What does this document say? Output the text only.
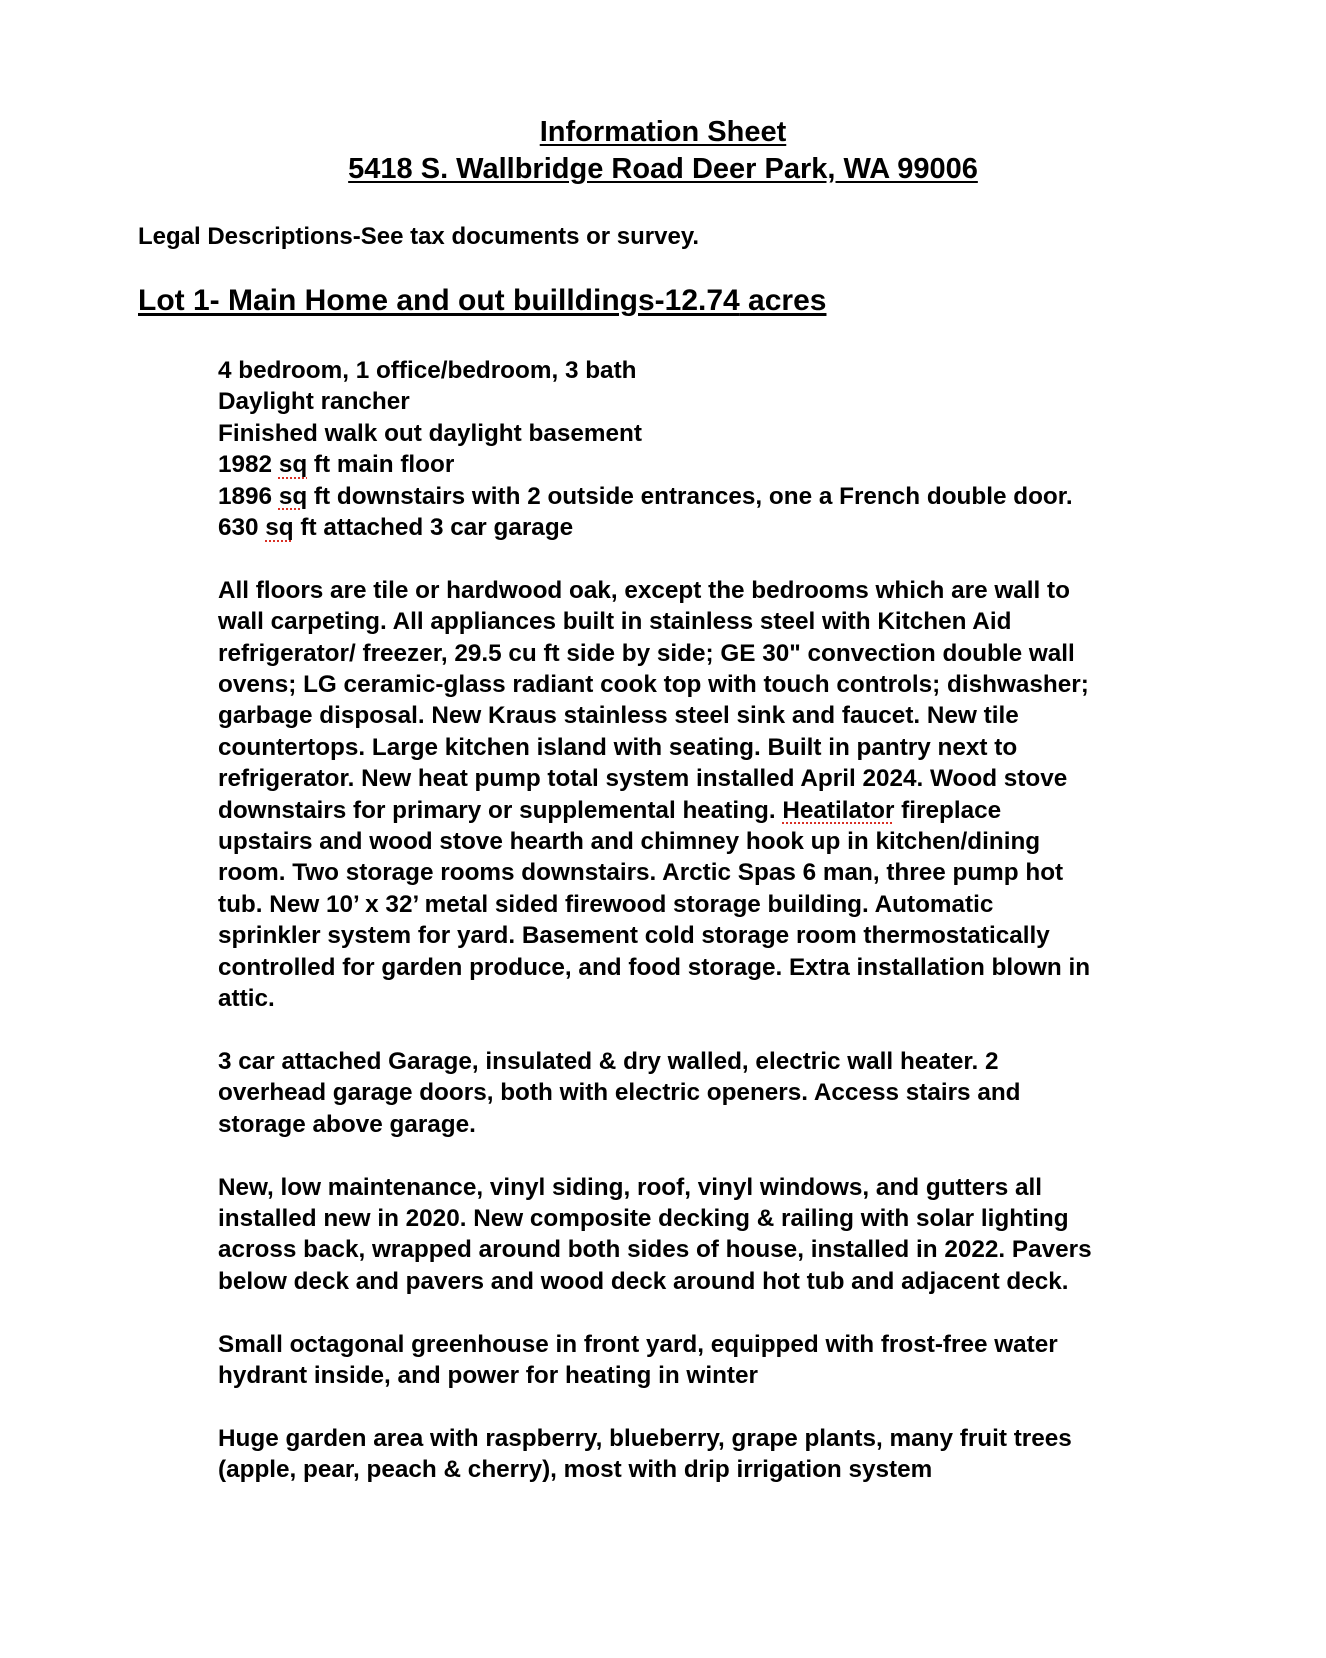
Information Sheet
5418 S. Wallbridge Road Deer Park, WA 99006
Legal Descriptions-See tax documents or survey.
Lot 1- Main Home and out builldings-12.74 acres
4 bedroom, 1 office/bedroom, 3 bath
Daylight rancher
Finished walk out daylight basement
1982 sq ft main floor
1896 sq ft downstairs with 2 outside entrances, one a French double door.
630 sq ft attached 3 car garage
All floors are tile or hardwood oak, except the bedrooms which are wall to
wall carpeting. All appliances built in stainless steel with Kitchen Aid
refrigerator/ freezer, 29.5 cu ft side by side; GE 30" convection double wall
ovens; LG ceramic-glass radiant cook top with touch controls; dishwasher;
garbage disposal. New Kraus stainless steel sink and faucet. New tile
countertops. Large kitchen island with seating. Built in pantry next to
refrigerator. New heat pump total system installed April 2024. Wood stove
downstairs for primary or supplemental heating. Heatilator fireplace
upstairs and wood stove hearth and chimney hook up in kitchen/dining
room. Two storage rooms downstairs. Arctic Spas 6 man, three pump hot
tub. New 10’ x 32’ metal sided firewood storage building. Automatic
sprinkler system for yard. Basement cold storage room thermostatically
controlled for garden produce, and food storage. Extra installation blown in
attic.
3 car attached Garage, insulated & dry walled, electric wall heater. 2
overhead garage doors, both with electric openers. Access stairs and
storage above garage.
New, low maintenance, vinyl siding, roof, vinyl windows, and gutters all
installed new in 2020. New composite decking & railing with solar lighting
across back, wrapped around both sides of house, installed in 2022. Pavers
below deck and pavers and wood deck around hot tub and adjacent deck.
Small octagonal greenhouse in front yard, equipped with frost-free water
hydrant inside, and power for heating in winter
Huge garden area with raspberry, blueberry, grape plants, many fruit trees
(apple, pear, peach & cherry), most with drip irrigation system
